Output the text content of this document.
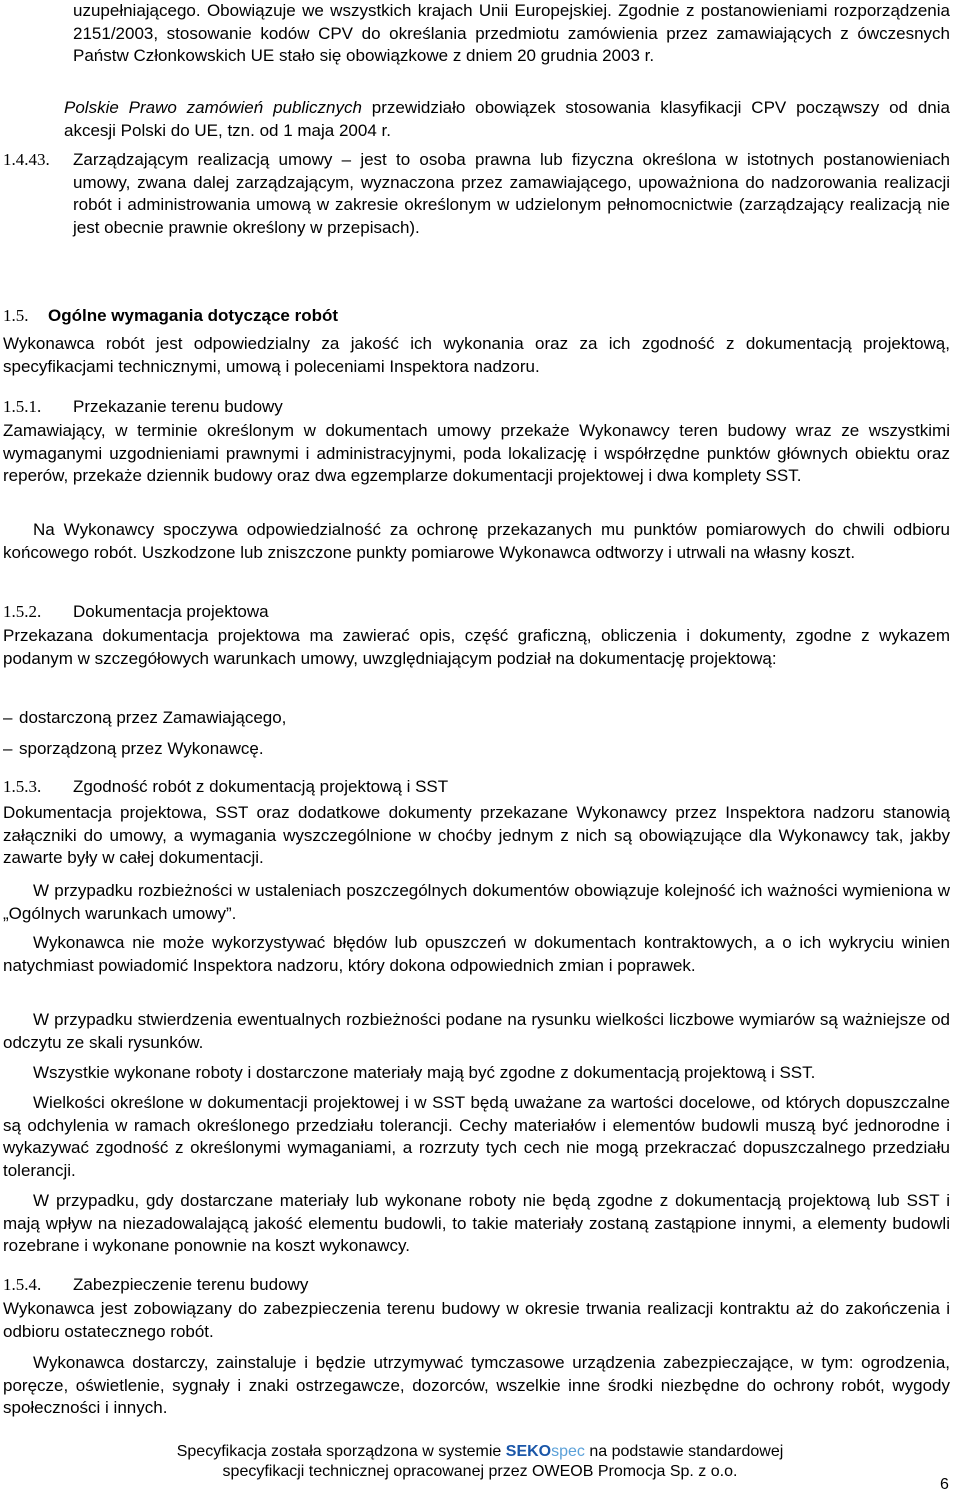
uzupełniającego. Obowiązuje we wszystkich krajach Unii Europejskiej. Zgodnie z postanowieniami rozporządzenia 2151/2003, stosowanie kodów CPV do określania przedmiotu zamówienia przez zamawiających z ówczesnych Państw Członkowskich UE stało się obowiązkowe z dniem 20 grudnia 2003 r.

Polskie Prawo zamówień publicznych przewidziało obowiązek stosowania klasyfikacji CPV począwszy od dnia akcesji Polski do UE, tzn. od 1 maja 2004 r.

1.4.43. Zarządzającym realizacją umowy – jest to osoba prawna lub fizyczna określona w istotnych postanowieniach umowy, zwana dalej zarządzającym, wyznaczona przez zamawiającego, upoważniona do nadzorowania realizacji robót i administrowania umową w zakresie określonym w udzielonym pełnomocnictwie (zarządzający realizacją nie jest obecnie prawnie określony w przepisach).

1.5. Ogólne wymagania dotyczące robót

Wykonawca robót jest odpowiedzialny za jakość ich wykonania oraz za ich zgodność z dokumentacją projektową, specyfikacjami technicznymi, umową i poleceniami Inspektora nadzoru.

1.5.1. Przekazanie terenu budowy

Zamawiający, w terminie określonym w dokumentach umowy przekaże Wykonawcy teren budowy wraz ze wszystkimi wymaganymi uzgodnieniami prawnymi i administracyjnymi, poda lokalizację i współrzędne punktów głównych obiektu oraz reperów, przekaże dziennik budowy oraz dwa egzemplarze dokumentacji projektowej i dwa komplety SST.

Na Wykonawcy spoczywa odpowiedzialność za ochronę przekazanych mu punktów pomiarowych do chwili odbioru końcowego robót. Uszkodzone lub zniszczone punkty pomiarowe Wykonawca odtworzy i utrwali na własny koszt.

1.5.2. Dokumentacja projektowa

Przekazana dokumentacja projektowa ma zawierać opis, część graficzną, obliczenia i dokumenty, zgodne z wykazem podanym w szczegółowych warunkach umowy, uwzględniającym podział na dokumentację projektową:

– dostarczoną przez Zamawiającego,
– sporządzoną przez Wykonawcę.
1.5.3. Zgodność robót z dokumentacją projektową i SST

Dokumentacja projektowa, SST oraz dodatkowe dokumenty przekazane Wykonawcy przez Inspektora nadzoru stanowią załączniki do umowy, a wymagania wyszczególnione w choćby jednym z nich są obowiązujące dla Wykonawcy tak, jakby zawarte były w całej dokumentacji.

W przypadku rozbieżności w ustaleniach poszczególnych dokumentów obowiązuje kolejność ich ważności wymieniona w „Ogólnych warunkach umowy”.

Wykonawca nie może wykorzystywać błędów lub opuszczeń w dokumentach kontraktowych, a o ich wykryciu winien natychmiast powiadomić Inspektora nadzoru, który dokona odpowiednich zmian i poprawek.

W przypadku stwierdzenia ewentualnych rozbieżności podane na rysunku wielkości liczbowe wymiarów są ważniejsze od odczytu ze skali rysunków.

Wszystkie wykonane roboty i dostarczone materiały mają być zgodne z dokumentacją projektową i SST.

Wielkości określone w dokumentacji projektowej i w SST będą uważane za wartości docelowe, od których dopuszczalne są odchylenia w ramach określonego przedziału tolerancji. Cechy materiałów i elementów budowli muszą być jednorodne i wykazywać zgodność z określonymi wymaganiami, a rozrzuty tych cech nie mogą przekraczać dopuszczalnego przedziału tolerancji.

W przypadku, gdy dostarczane materiały lub wykonane roboty nie będą zgodne z dokumentacją projektową lub SST i mają wpływ na niezadowalającą jakość elementu budowli, to takie materiały zostaną zastąpione innymi, a elementy budowli rozebrane i wykonane ponownie na koszt wykonawcy.

1.5.4. Zabezpieczenie terenu budowy

Wykonawca jest zobowiązany do zabezpieczenia terenu budowy w okresie trwania realizacji kontraktu aż do zakończenia i odbioru ostatecznego robót.

Wykonawca dostarczy, zainstaluje i będzie utrzymywać tymczasowe urządzenia zabezpieczające, w tym: ogrodzenia, poręcze, oświetlenie, sygnały i znaki ostrzegawcze, dozorców, wszelkie inne środki niezbędne do ochrony robót, wygody społeczności i innych.

Specyfikacja została sporządzona w systemie SEKOspec na podstawie standardowej
specyfikacji technicznej opracowanej przez OWEOB Promocja Sp. z o.o.
6
